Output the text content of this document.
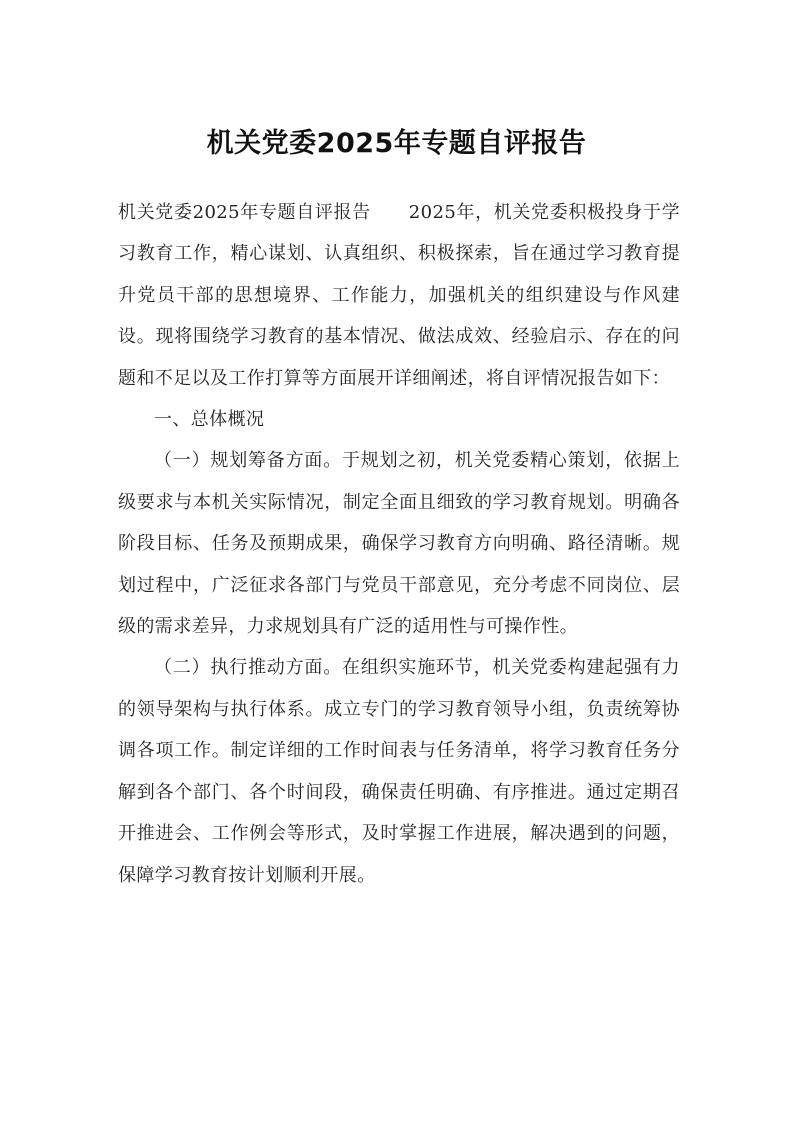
机关党委2025年专题自评报告

机关党委2025年专题自评报告 2025年，机关党委积极投身于学习教育工作，精心谋划、认真组织、积极探索，旨在通过学习教育提升党员干部的思想境界、工作能力，加强机关的组织建设与作风建设。现将围绕学习教育的基本情况、做法成效、经验启示、存在的问题和不足以及工作打算等方面展开详细阐述，将自评情况报告如下：

一、总体概况

（一）规划筹备方面。于规划之初，机关党委精心策划，依据上级要求与本机关实际情况，制定全面且细致的学习教育规划。明确各阶段目标、任务及预期成果，确保学习教育方向明确、路径清晰。规划过程中，广泛征求各部门与党员干部意见，充分考虑不同岗位、层级的需求差异，力求规划具有广泛的适用性与可操作性。

（二）执行推动方面。在组织实施环节，机关党委构建起强有力的领导架构与执行体系。成立专门的学习教育领导小组，负责统筹协调各项工作。制定详细的工作时间表与任务清单，将学习教育任务分解到各个部门、各个时间段，确保责任明确、有序推进。通过定期召开推进会、工作例会等形式，及时掌握工作进展，解决遇到的问题，保障学习教育按计划顺利开展。
